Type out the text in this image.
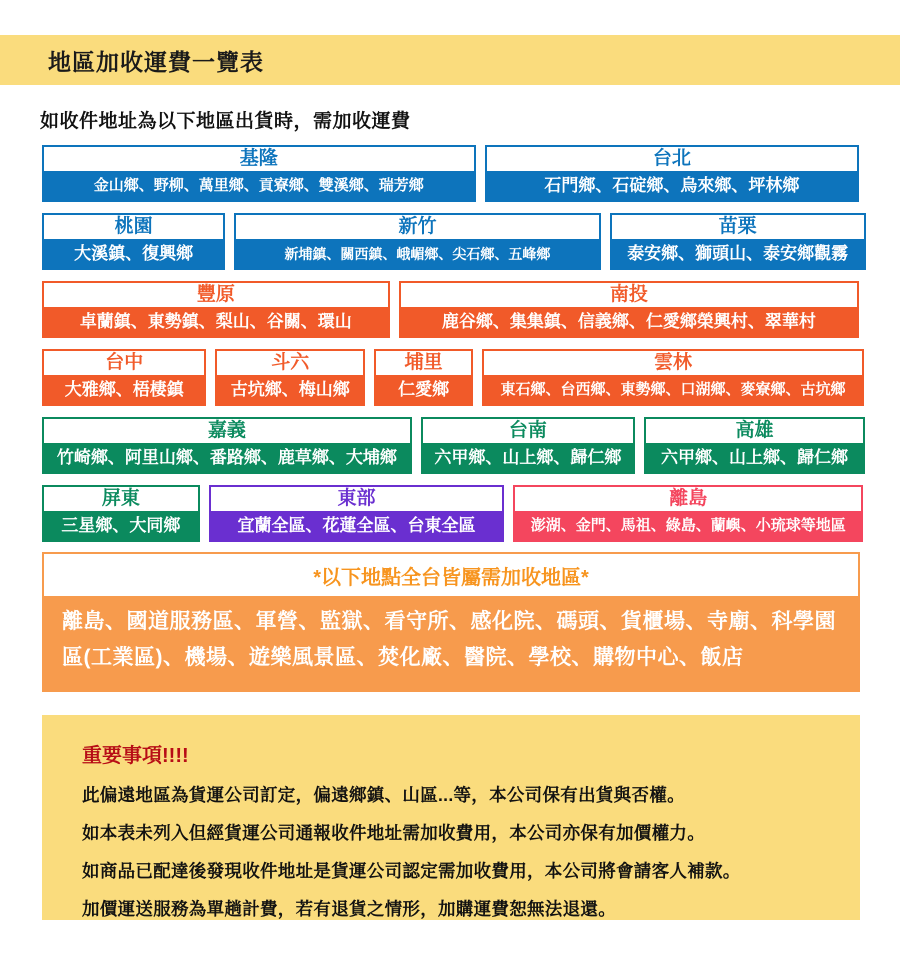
地區加收運費一覽表
如收件地址為以下地區出貨時，需加收運費
基隆
金山鄉、野柳、萬里鄉、貢寮鄉、雙溪鄉、瑞芳鄉
台北
石門鄉、石碇鄉、烏來鄉、坪林鄉
桃園
大溪鎮、復興鄉
新竹
新埔鎮、關西鎮、峨嵋鄉、尖石鄉、五峰鄉
苗栗
泰安鄉、獅頭山、泰安鄉觀霧
豐原
卓蘭鎮、東勢鎮、梨山、谷關、環山
南投
鹿谷鄉、集集鎮、信義鄉、仁愛鄉榮興村、翠華村
台中
大雅鄉、梧棲鎮
斗六
古坑鄉、梅山鄉
埔里
仁愛鄉
雲林
東石鄉、台西鄉、東勢鄉、口湖鄉、麥寮鄉、古坑鄉
嘉義
竹崎鄉、阿里山鄉、番路鄉、鹿草鄉、大埔鄉
台南
六甲鄉、山上鄉、歸仁鄉
高雄
六甲鄉、山上鄉、歸仁鄉
屏東
三星鄉、大同鄉
東部
宜蘭全區、花蓮全區、台東全區
離島
澎湖、金門、馬祖、綠島、蘭嶼、小琉球等地區
*以下地點全台皆屬需加收地區*
離島、國道服務區、軍營、監獄、看守所、感化院、碼頭、貨櫃場、寺廟、科學園區(工業區)、機場、遊樂風景區、焚化廠、醫院、學校、購物中心、飯店
重要事項!!!!

此偏遠地區為貨運公司訂定，偏遠鄉鎮、山區...等，本公司保有出貨與否權。

如本表未列入但經貨運公司通報收件地址需加收費用，本公司亦保有加價權力。

如商品已配達後發現收件地址是貨運公司認定需加收費用，本公司將會請客人補款。

加價運送服務為單趟計費，若有退貨之情形，加購運費恕無法退還。
